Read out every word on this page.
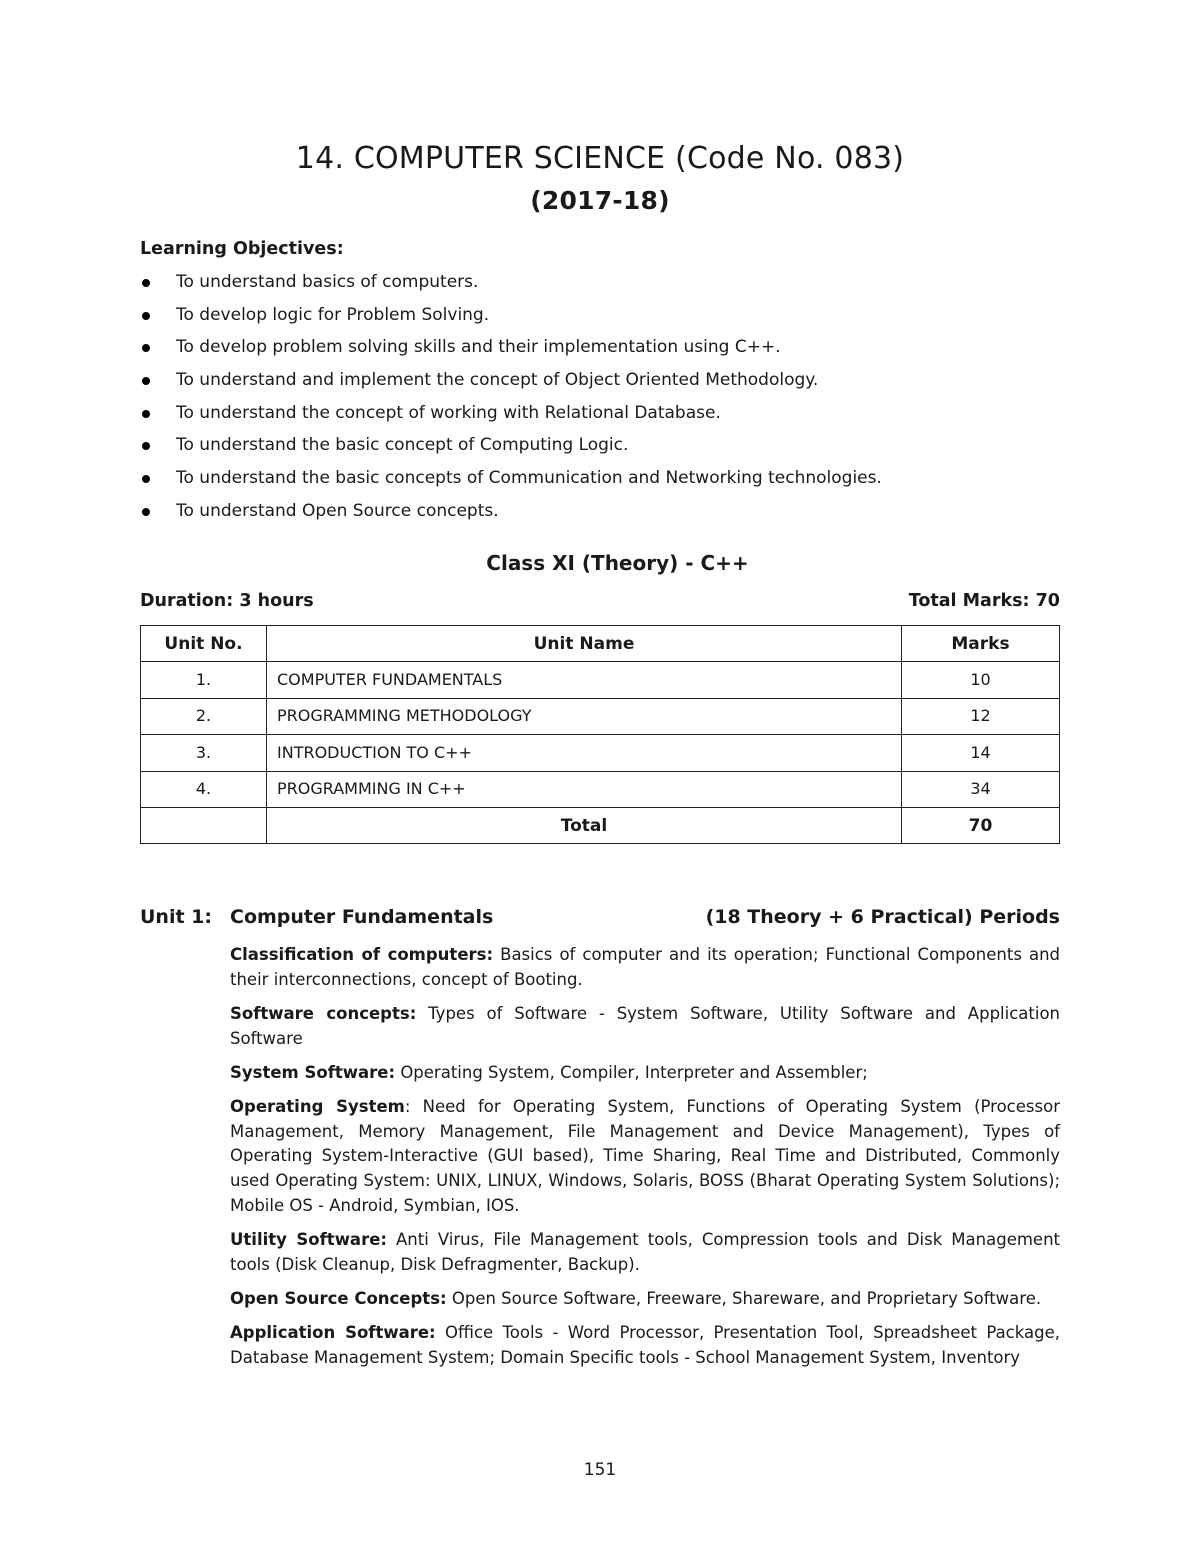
14. COMPUTER SCIENCE (Code No. 083)
(2017-18)
Learning Objectives:
To understand basics of computers.
To develop logic for Problem Solving.
To develop problem solving skills and their implementation using C++.
To understand and implement the concept of Object Oriented Methodology.
To understand the concept of working with Relational Database.
To understand the basic concept of Computing Logic.
To understand the basic concepts of Communication and Networking technologies.
To understand Open Source concepts.
Class XI (Theory) - C++
Duration: 3 hours	Total Marks: 70
Unit No.	Unit Name	Marks
1.	COMPUTER FUNDAMENTALS	10
2.	PROGRAMMING METHODOLOGY	12
3.	INTRODUCTION TO C++	14
4.	PROGRAMMING IN C++	34
	Total	70
Unit 1: Computer Fundamentals	(18 Theory + 6 Practical) Periods

Classification of computers: Basics of computer and its operation; Functional Components and their interconnections, concept of Booting.

Software concepts: Types of Software - System Software, Utility Software and Application Software

System Software: Operating System, Compiler, Interpreter and Assembler;

Operating System: Need for Operating System, Functions of Operating System (Processor Management, Memory Management, File Management and Device Management), Types of Operating System-Interactive (GUI based), Time Sharing, Real Time and Distributed, Commonly used Operating System: UNIX, LINUX, Windows, Solaris, BOSS (Bharat Operating System Solutions); Mobile OS - Android, Symbian, IOS.

Utility Software: Anti Virus, File Management tools, Compression tools and Disk Management tools (Disk Cleanup, Disk Defragmenter, Backup).

Open Source Concepts: Open Source Software, Freeware, Shareware, and Proprietary Software.

Application Software: Office Tools - Word Processor, Presentation Tool, Spreadsheet Package, Database Management System; Domain Specific tools - School Management System, Inventory

151
